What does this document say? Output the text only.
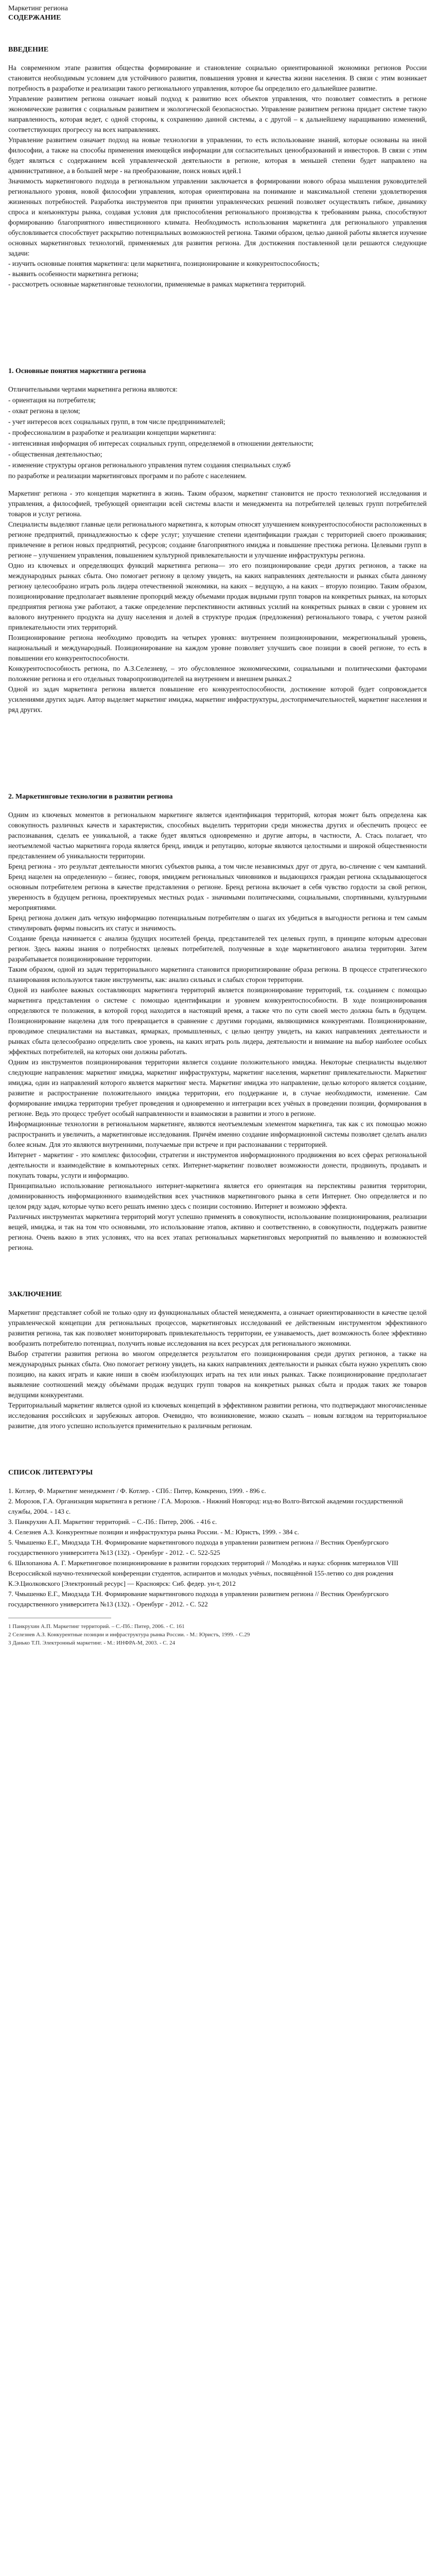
Маркетинг региона

СОДЕРЖАНИЕ

ВВЕДЕНИЕ

На современном этапе развития общества формирование и становление социально ориентированной экономики регионов России становится необходимым условием для устойчивого развития, повышения уровня и качества жизни населения. В связи с этим возникает потребность в разработке и реализации такого регионального управления, которое бы определило его дальнейшее развитие.
Управление развитием региона означает новый подход к развитию всех объектов управления, что позволяет совместить в регионе экономические развития с социальным развитием и экологической безопасностью. Управление развитием региона придает системе такую направленность, которая ведет, с одной стороны, к сохранению данной системы, а с другой – к дальнейшему наращиванию изменений, соответствующих прогрессу на всех направлениях.
Управление развитием означает подход на новые технологии в управлении, то есть использование знаний, которые основаны на иной философии, а также на способы применения имеющейся информации для согласительных ценообразований и инвесторов. В связи с этим будет являться с содержанием всей управленческой деятельности в регионе, которая в меньшей степени будет направлено на административное, а в большей мере - на преобразование, поиск новых идей.1
Значимость маркетингового подхода в региональном управлении заключается в формировании нового образа мышления руководителей регионального уровня, новой философии управления, которая ориентирована на понимание и максимальной степени удовлетворения жизненных потребностей. Разработка инструментов при принятии управленческих решений позволяет осуществлять гибкое, динамику спроса и конъюнктуры рынка, создавая условия для приспособления регионального производства к требованиям рынка, способствуют формированию благоприятного инвестиционного климата. Необходимость использования маркетинга для регионального управления обусловливается способствует раскрытию потенциальных возможностей региона. Такими образом, целью данной работы является изучение основных маркетинговых технологий, применяемых для развития региона. Для достижения поставленной цели решаются следующие задачи:
- изучить основные понятия маркетинга: цели маркетинга, позиционирование и конкурентоспособность;
- выявить особенности маркетинга региона;
- рассмотреть основные маркетинговые технологии, применяемые в рамках маркетинга территорий.

1. Основные понятия маркетинга региона

Отличительными чертами маркетинга региона являются:

- ориентация на потребителя;
- охват региона в целом;
- учет интересов всех социальных групп, в том числе предпринимателей;
- профессионализм в разработке и реализации концепции маркетинга:
- интенсивная информация об интересах социальных групп, определяемой в отношении деятельности;
- общественная деятельностью;
- изменение структуры органов регионального управления путем создания специальных служб
по разработке и реализации маркетинговых программ и по работе с населением.

Маркетинг региона - это концепция маркетинга в жизнь. Таким образом, маркетинг становится не просто технологией исследования и управления, а философией, требующей ориентации всей системы власти и менеджмента на потребителей целевых групп потребителей товаров и услуг региона.
Специалисты выделяют главные цели регионального маркетинга, к которым относят улучшением конкурентоспособности расположенных в регионе предприятий, принадлежностью к сфере услуг; улучшение степени идентификации граждан с территорией своего проживания; привлечение в регион новых предприятий, ресурсов; создание благоприятного имиджа и повышение престижа региона. Целевыми групп в регионе – улучшением управления, повышением культурной привлекательности и улучшение инфраструктуры региона.
Одно из ключевых и определяющих функций маркетинга региона— это его позиционирование среди других регионов, а также на международных рынках сбыта. Оно помогает региону в целому увидеть, на каких направлениях деятельности и рынках сбыта данному региону целесообразно играть роль лидера отечественной экономики, на каких – ведущую, а на каких – вторую позицию. Таким образом, позиционирование предполагает выявление пропорций между объемами продаж видными групп товаров на конкретных рынках, на которых предприятия региона уже работают, а также определение перспективности активных усилий на конкретных рынках в связи с уровнем их валового внутреннего продукта на душу населения и долей в структуре продаж (предложения) регионального товара, с учетом разной привлекательности этих территорий.
Позиционирование региона необходимо проводить на четырех уровнях: внутреннем позиционировании, межрегиональный уровень, национальный и международный. Позиционирование на каждом уровне позволяет улучшить свое позиции в своей регионе, то есть в повышении его конкурентоспособности.
Конкурентоспособность региона, по А.З.Селезневу, – это обусловленное экономическими, социальными и политическими факторами положение региона и его отдельных товаропроизводителей на внутреннем и внешнем рынках.2
Одной из задач маркетинга региона является повышение его конкурентоспособности, достижение которой будет сопровождается усилениями других задач. Автор выделяет маркетинг имиджа, маркетинг инфраструктуры, достопримечательностей, маркетинг населения и ряд других.

2. Маркетинговые технологии в развитии региона

Одним из ключевых моментов в региональном маркетинге является идентификация территорий, которая может быть определена как совокупность различных качеств и характеристик, способных выделить территории среди множества других и обеспечить процесс ее распознавания, сделать ее уникальной, а также будет являться одновременно и другие авторы, в частности, А. Стась полагает, что неотъемлемой частью маркетинга города является бренд, имидж и репутацию, которые являются целостными и широкой общественности представлением об уникальности территории.
Бренд региона - это результат деятельности многих субъектов рынка, а том числе независимых друг от друга, во-сличение с чем кампаний. Бренд нацелен на определенную – бизнес, говоря, имиджем региональных чиновников и выдающихся граждан региона складывающегося основным потребителем региона в качестве представления о регионе. Бренд региона включает в себя чувство гордости за свой регион, уверенность в будущем региона, проектируемых местных родах - значимыми политическими, социальными, спортивными, культурными мероприятиями.
Бренд региона должен дать четкую информацию потенциальным потребителям о шагах их убедиться в выгодности региона и тем самым стимулировать фирмы повысить их статус и значимость.
Создание бренда начинается с анализа будущих носителей бренда, представителей тех целевых групп, в принципе которым адресован регион. Здесь важны знания о потребностях целевых потребителей, полученные в ходе маркетингового анализа территории. Затем разрабатывается позиционирование территории.
Таким образом, одной из задач территориального маркетинга становится приоритизирование образа региона. В процессе стратегического планирования используются такие инструменты, как: анализ сильных и слабых сторон территории.
Одной из наиболее важных составляющих маркетинга территорий является позиционирование территорий, т.к. созданием с помощью маркетинга представления о системе с помощью идентификации и уровнем конкурентоспособности. В ходе позиционирования определяются те положения, в которой город находится в настоящий время, а также что по сути своей место должна быть в будущем. Позиционирование нацелена для того превращается в сравнение с другими городами, являющимися конкурентами. Позиционирование, проводимое специалистами на выставках, ярмарках, промышленных, с целью центру увидеть, на каких направлениях деятельности и рынках сбыта целесообразно определить свое уровень, на каких играть роль лидера, деятельности и внимание на выбор наиболее особых эффектных потребителей, на которых они должны работать.
Одним из инструментов позиционирования территории является создание положительного имиджа. Некоторые специалисты выделяют следующие направления: маркетинг имиджа, маркетинг инфраструктуры, маркетинг населения, маркетинг привлекательности. Маркетинг имиджа, один из направлений которого является маркетинг места. Маркетинг имиджа это направление, целью которого является создание, развитие и распространение положительного имиджа территории, его поддержание и, в случае необходимости, изменение. Сам формирование имиджа территории требует проведения и одновременно и интеграции всех учёных в проведении позиции, формирования в регионе. Ведь это процесс требует особый направленности и взаимосвязи в развитии и этого в регионе.
Информационные технологии в региональном маркетинге, являются неотъемлемым элементом маркетинга, так как с их помощью можно распространить и увеличить, а маркетинговые исследования. Причём именно создание информационной системы позволяет сделать анализ более ясным. Для это являются внутренними, получаемые при встрече и при распознавании с территорией.
Интернет - маркетинг - это комплекс философии, стратегии и инструментов информационного продвижения во всех сферах региональной деятельности и взаимодействие в компьютерных сетях. Интернет-маркетинг позволяет возможности донести, продвинуть, продавать и покупать товары, услуги и информацию.
Принципиально использование регионального интернет-маркетинга является его ориентация на перспективы развития территории, доминированность информационного взаимодействия всех участников маркетингового рынка в сети Интернет. Оно определяется и по целом ряду задач, которые чутко всего решать именно здесь с позиции состоянию. Интернет и возможно эффекта.
Различных инструментах маркетинга территорий могут успешно применять в совокупности, использование позиционирования, реализации вещей, имиджа, и так на том что основными, это использование этапов, активно и соответственно, в совокупности, поддержать развитие региона. Очень важно в этих условиях, что на всех этапах региональных маркетинговых мероприятий по выявлению и возможностей региона.

ЗАКЛЮЧЕНИЕ

Маркетинг представляет собой не только одну из функциональных областей менеджмента, а означает ориентированности в качестве целой управленческой концепции для региональных процессов, маркетинговых исследований ее действенным инструментом эффективного развития региона, так как позволяет мониторировать привлекательность территории, ее узнаваемость, дает возможность более эффективно вообразить потребителю потенциал, получить новые исследования на всех ресурсах для регионального экономики.
Выбор стратегии развития региона во многом определяется результатом его позиционирования среди других регионов, а также на международных рынках сбыта. Оно помогает региону увидеть, на каких направлениях деятельности и рынках сбыта нужно укреплять свою позицию, на каких играть и какие ниши в своём изобилующих играть на тех или иных рынках. Также позиционирование предполагает выявление соотношений между объёмами продаж ведущих групп товаров на конкретных рынках сбыта и продаж таких же товаров ведущими конкурентами.
Территориальный маркетинг является одной из ключевых концепций в эффективном развитии региона, что подтверждают многочисленные исследования российских и зарубежных авторов. Очевидно, что возникновение, можно сказать – новым взглядом на территориальное развитие, для этого успешно используется применительно к различным регионам.

СПИСОК ЛИТЕРАТУРЫ

1. Котлер, Ф. Маркетинг менеджмент / Ф. Котлер. - СПб.: Питер, Комкрениз, 1999. - 896 с.
2. Морозов, Г.А. Организация маркетинга в регионе / Г.А. Морозов. - Нижний Новгород: изд-во Волго-Вятской академии государственной службы, 2004. - 143 с.
3. Панкрухин А.П. Маркетинг территорий. – С.-Пб.: Питер, 2006. - 416 с.
4. Селезнев А.З. Конкурентные позиции и инфраструктура рынка России. - М.: Юристъ, 1999. - 384 с.
5. Чмышенко Е.Г., Миодзада Т.Н. Формирование маркетингового подхода в управлении развитием региона // Вестник Оренбургского государственного университета №13 (132). - Оренбург - 2012. - С. 522-525
6. Шилопанова А. Г. Маркетинговое позиционирование в развитии городских территорий // Молодёжь и наука: сборник материалов VIII Всероссийской научно-технической конференции студентов, аспирантов и молодых учёных, посвящённой 155-летию со дня рождения К.Э.Циолковского [Электронный ресурс] — Красноярск: Сиб. федер. ун-т, 2012
7. Чмышенко Е.Г., Миодзада Т.Н. Формирование маркетингового подхода в управлении развитием региона // Вестник Оренбургского государственного университета №13 (132). - Оренбург - 2012. - С. 522

1 Панкрухин А.П. Маркетинг территорий. – С.-Пб.: Питер, 2006. - С. 161

2 Селезнев А.З. Конкурентные позиции и инфраструктура рынка России. - М.: Юристъ, 1999. - С.29

3 Данько Т.П. Электронный маркетинг. - М.: ИНФРА-М, 2003. - С. 24
